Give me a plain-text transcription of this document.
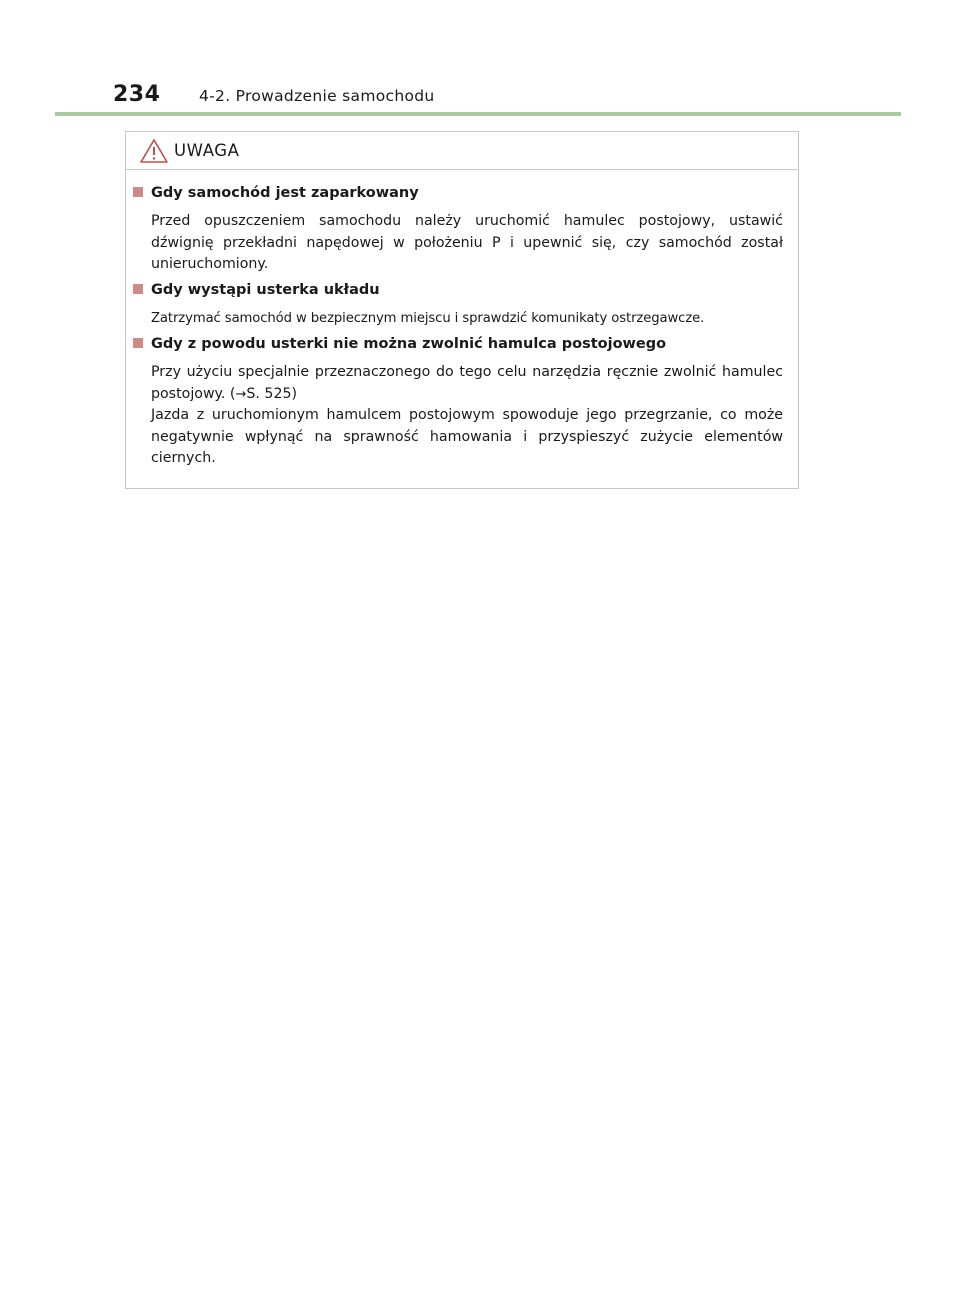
234 4-2. Prowadzenie samochodu
UWAGA
Gdy samochód jest zaparkowany
Przed opuszczeniem samochodu należy uruchomić hamulec postojowy, ustawić dźwignię przekładni napędowej w położeniu P i upewnić się, czy samochód został unieruchomiony.
Gdy wystąpi usterka układu
Zatrzymać samochód w bezpiecznym miejscu i sprawdzić komunikaty ostrzegawcze.
Gdy z powodu usterki nie można zwolnić hamulca postojowego
Przy użyciu specjalnie przeznaczonego do tego celu narzędzia ręcznie zwolnić hamulec postojowy. (→S. 525)
Jazda z uruchomionym hamulcem postojowym spowoduje jego przegrzanie, co może negatywnie wpłynąć na sprawność hamowania i przyspieszyć zużycie elementów ciernych.
